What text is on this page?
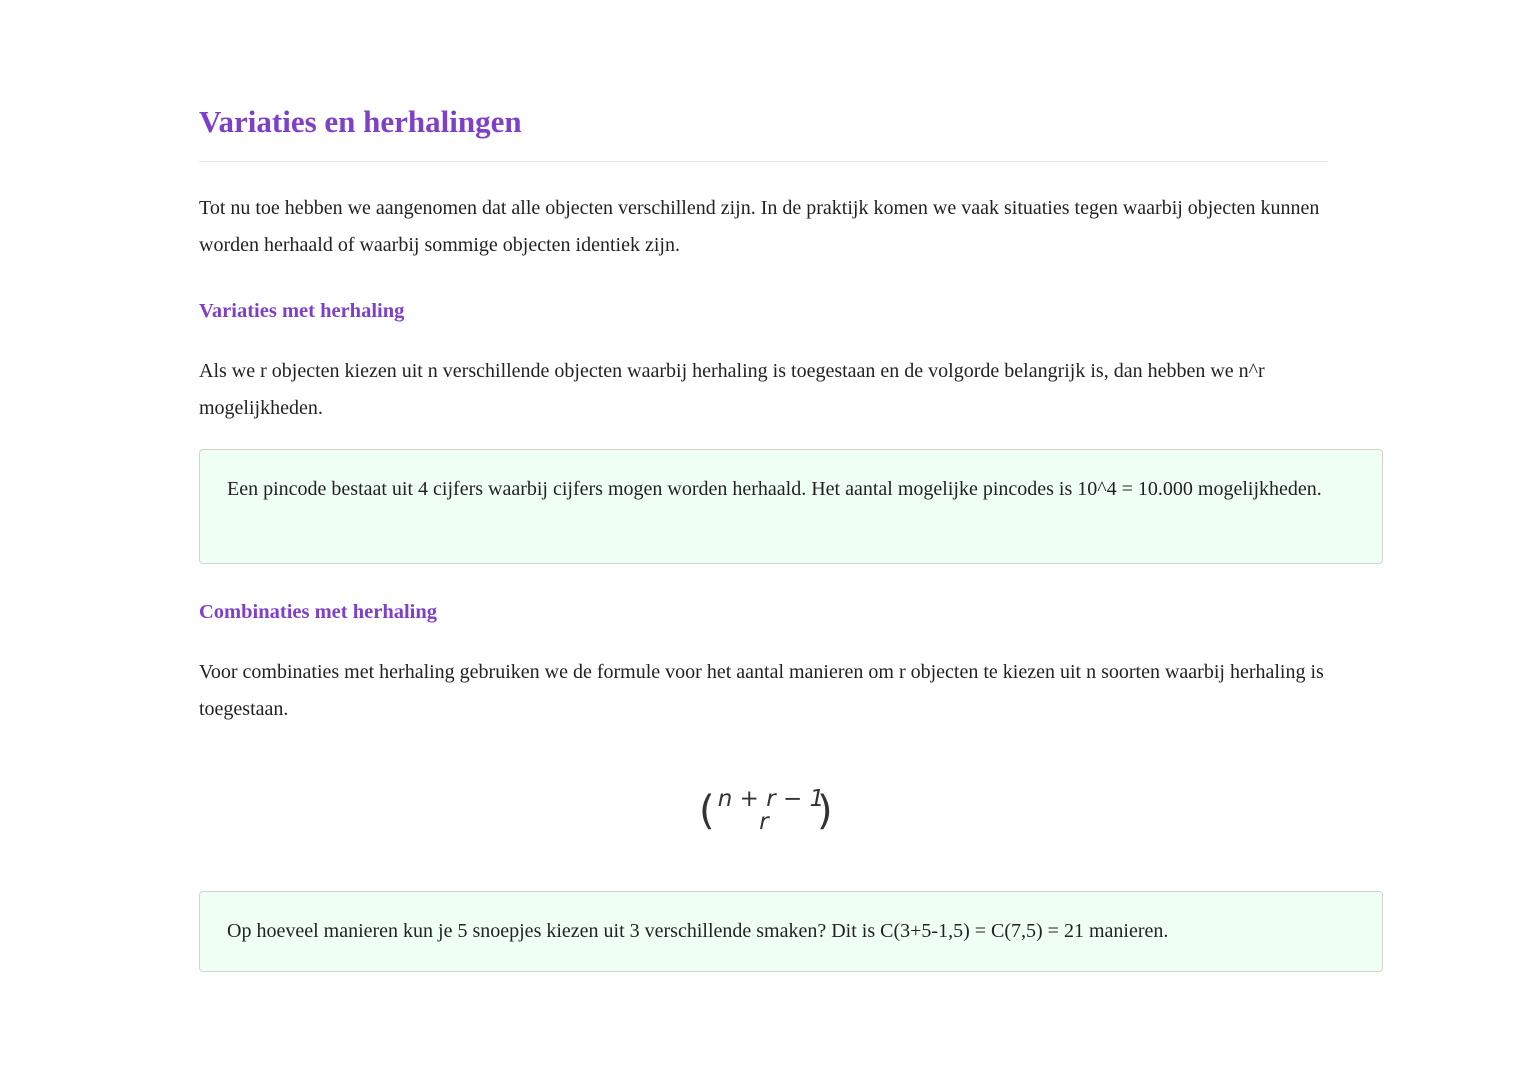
Variaties en herhalingen

Tot nu toe hebben we aangenomen dat alle objecten verschillend zijn. In de praktijk komen we vaak situaties tegen waarbij objecten kunnen worden herhaald of waarbij sommige objecten identiek zijn.

Variaties met herhaling

Als we r objecten kiezen uit n verschillende objecten waarbij herhaling is toegestaan en de volgorde belangrijk is, dan hebben we n^r mogelijkheden.

Een pincode bestaat uit 4 cijfers waarbij cijfers mogen worden herhaald. Het aantal mogelijke pincodes is 10^4 = 10.000 mogelijkheden.

Combinaties met herhaling

Voor combinaties met herhaling gebruiken we de formule voor het aantal manieren om r objecten te kiezen uit n soorten waarbij herhaling is toegestaan.

( n + r − 1
r )

Op hoeveel manieren kun je 5 snoepjes kiezen uit 3 verschillende smaken? Dit is C(3+5-1,5) = C(7,5) = 21 manieren.
